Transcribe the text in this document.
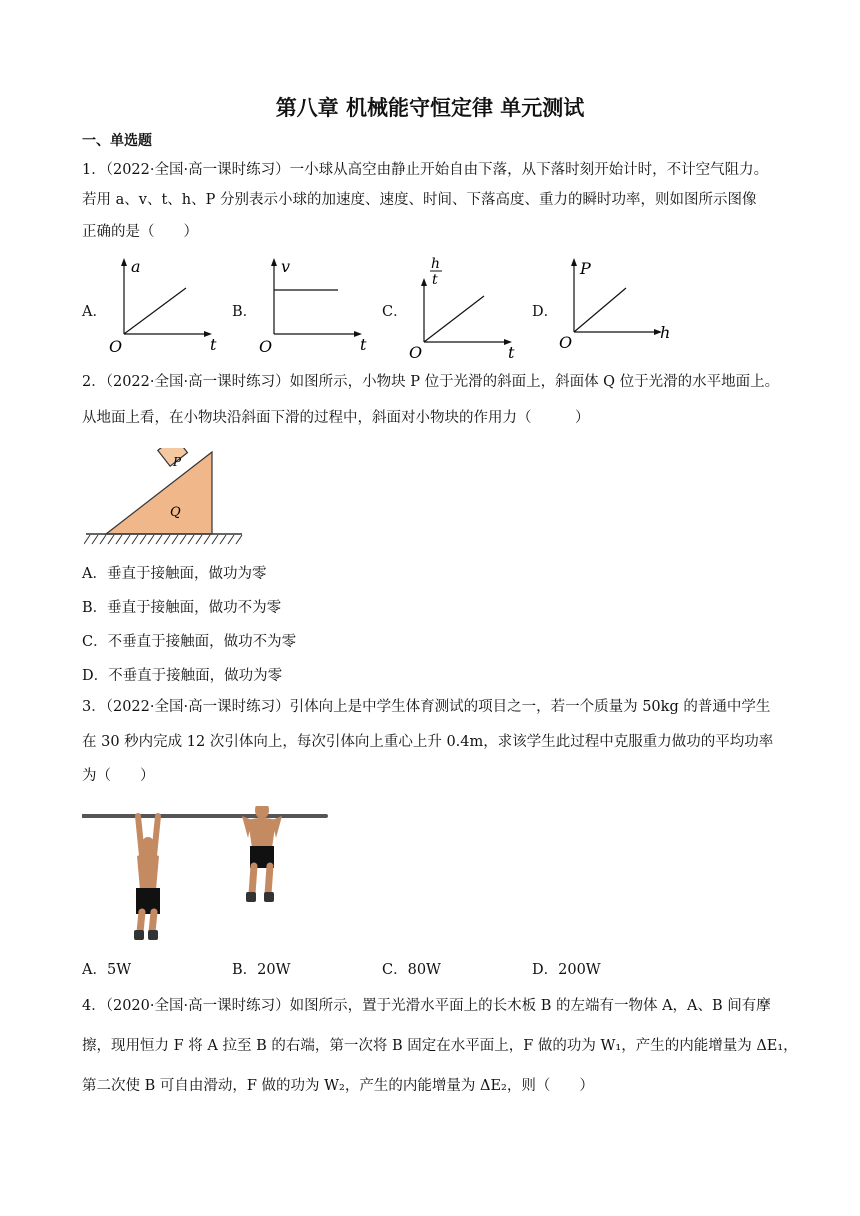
第八章 机械能守恒定律 单元测试
一、单选题
1．（2022·全国·高一课时练习）一小球从高空由静止开始自由下落，从下落时刻开始计时，不计空气阻力。
若用 a、v、t、h、P 分别表示小球的加速度、速度、时间、下落高度、重力的瞬时功率，则如图所示图像
正确的是（　　）
A．	B．	C．	D．
a
t
O
v
t
O
h
t
t
O
P
h
O
2．（2022·全国·高一课时练习）如图所示，小物块 P 位于光滑的斜面上，斜面体 Q 位于光滑的水平地面上。
从地面上看，在小物块沿斜面下滑的过程中，斜面对小物块的作用力（　　　）
P
Q
A．垂直于接触面，做功为零
B．垂直于接触面，做功不为零
C．不垂直于接触面，做功不为零
D．不垂直于接触面，做功为零
3．（2022·全国·高一课时练习）引体向上是中学生体育测试的项目之一，若一个质量为 50kg 的普通中学生
在 30 秒内完成 12 次引体向上，每次引体向上重心上升 0.4m，求该学生此过程中克服重力做功的平均功率
为（　　）
A．5W	B．20W	C．80W	D．200W
4．（2020·全国·高一课时练习）如图所示，置于光滑水平面上的长木板 B 的左端有一物体 A，A、B 间有摩
擦，现用恒力 F 将 A 拉至 B 的右端，第一次将 B 固定在水平面上，F 做的功为 W₁，产生的内能增量为 ΔE₁，
第二次使 B 可自由滑动，F 做的功为 W₂，产生的内能增量为 ΔE₂，则（　　）
